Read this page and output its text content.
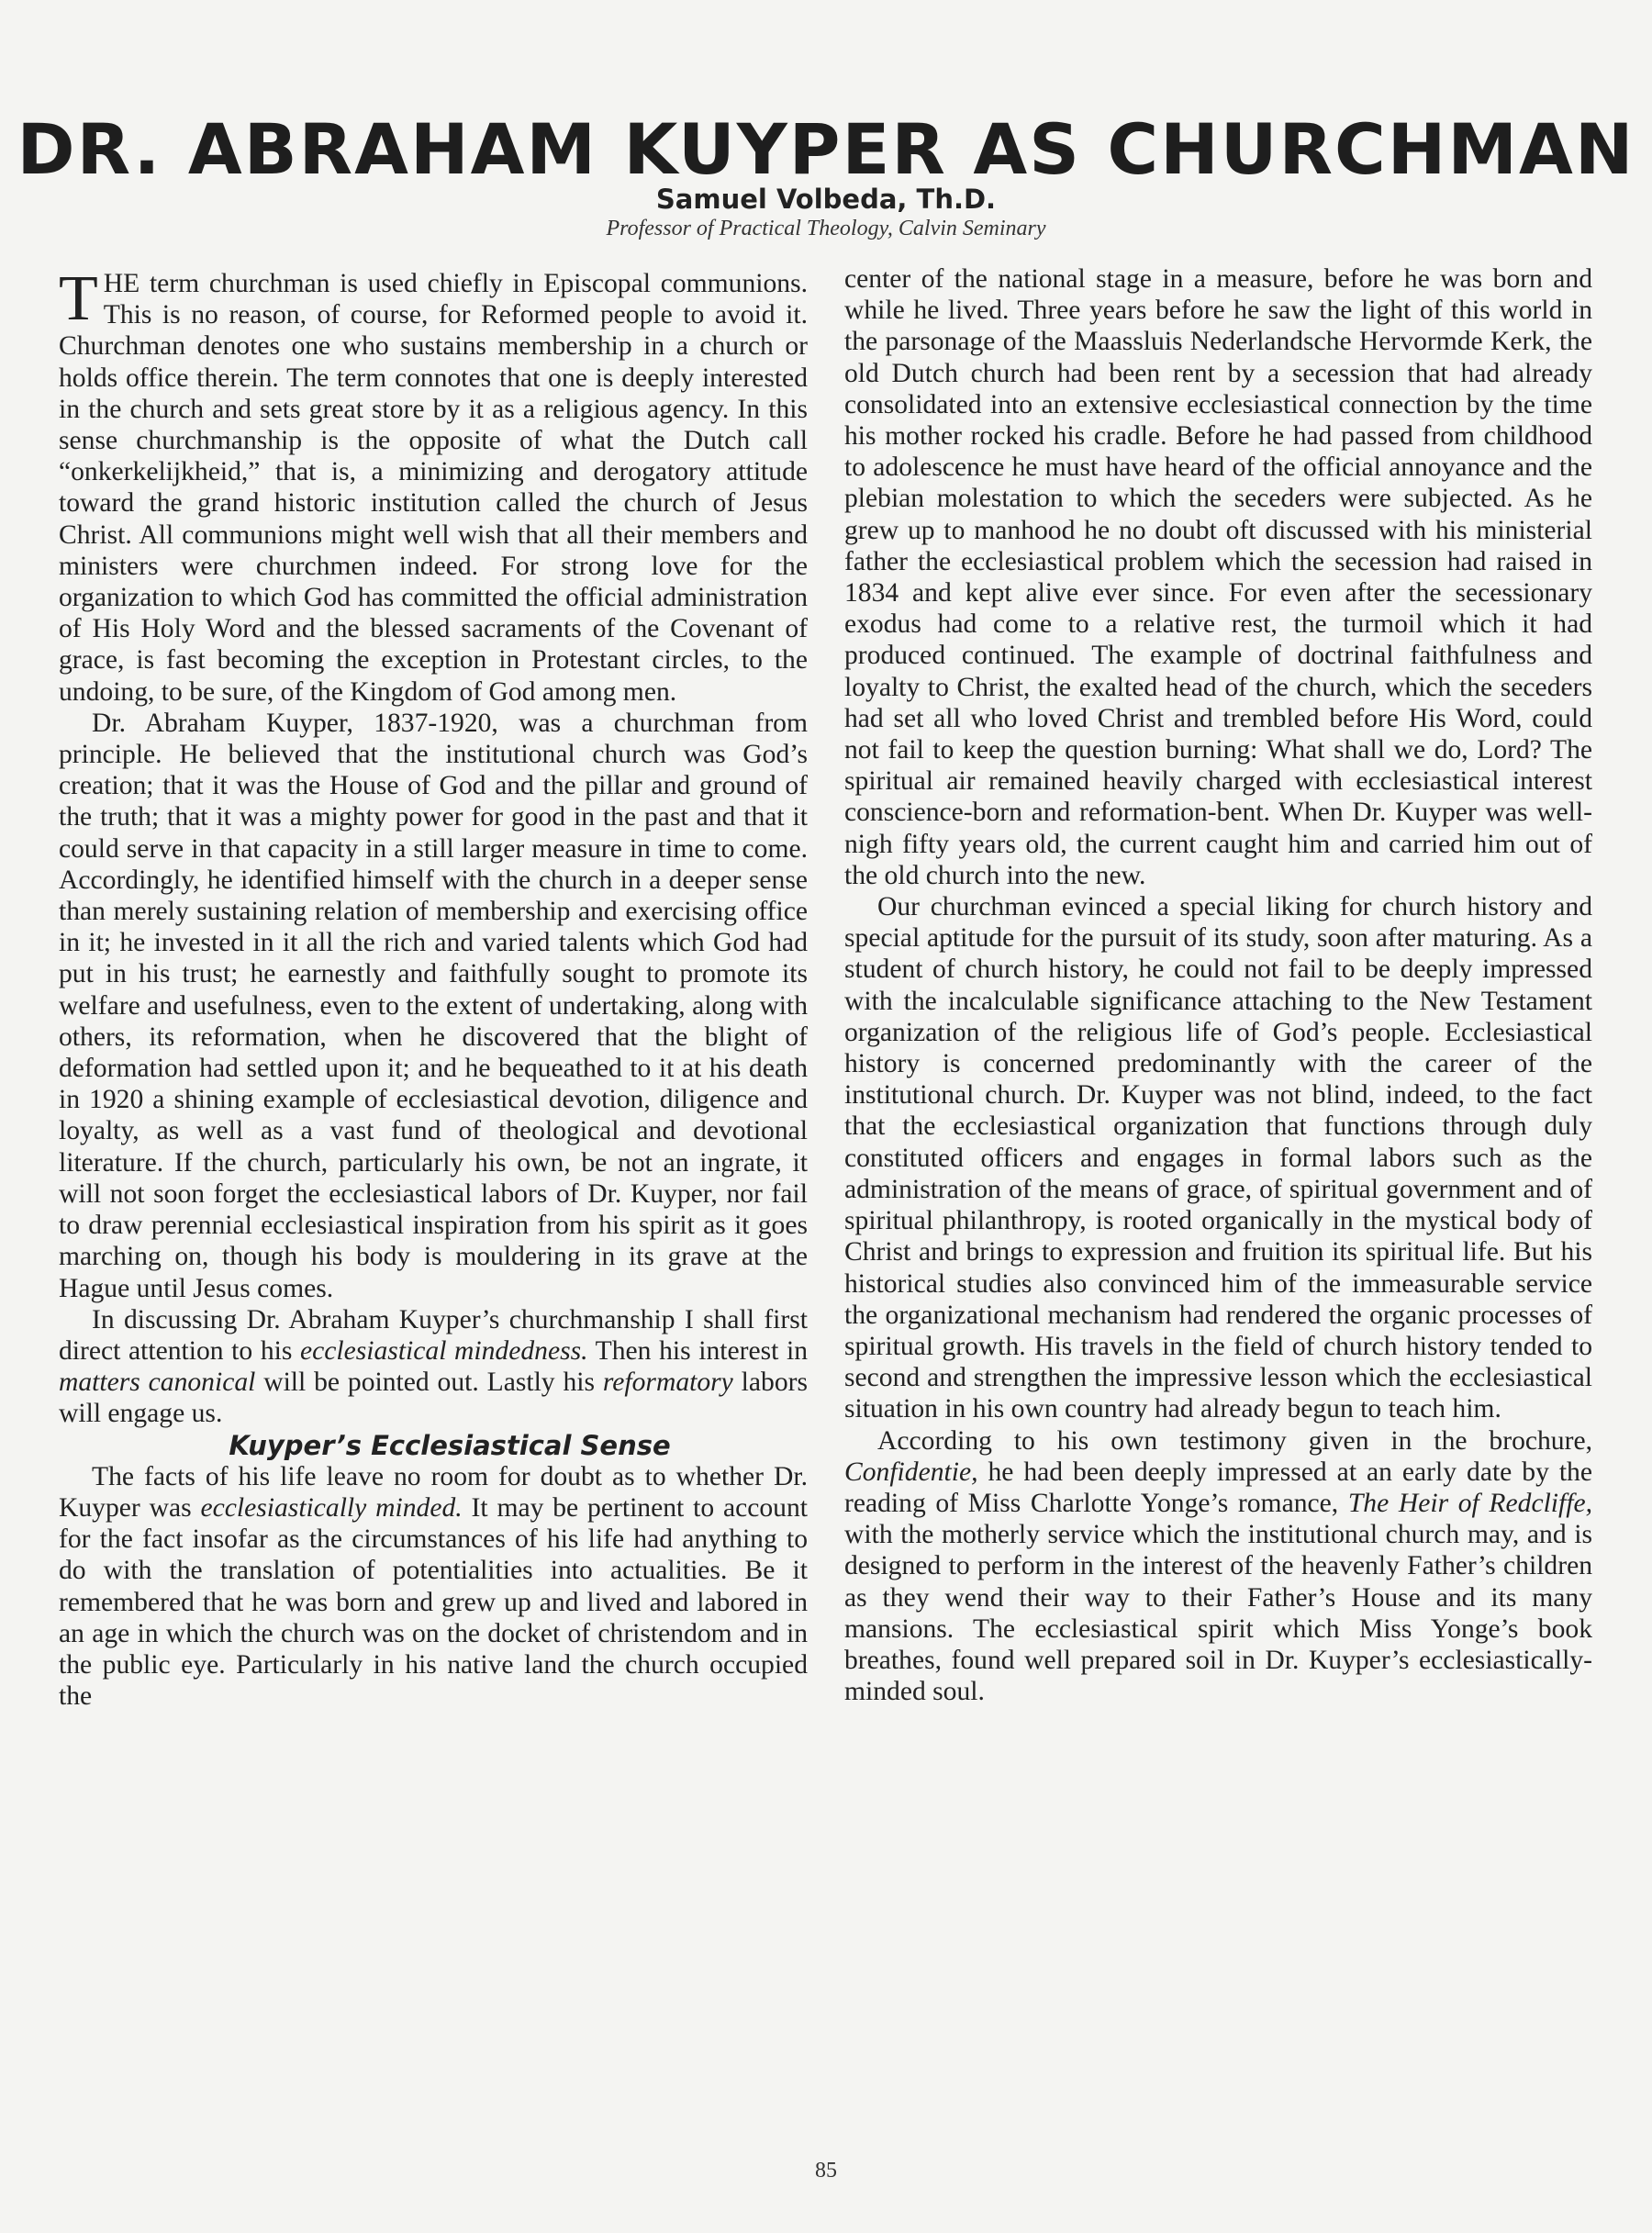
DR. ABRAHAM KUYPER AS CHURCHMAN
Samuel Volbeda, Th.D.
Professor of Practical Theology, Calvin Seminary

THE term churchman is used chiefly in Episcopal communions. This is no reason, of course, for Reformed people to avoid it. Churchman denotes one who sustains membership in a church or holds office therein. The term connotes that one is deeply interested in the church and sets great store by it as a religious agency. In this sense churchmanship is the opposite of what the Dutch call “onkerkelijkheid,” that is, a minimizing and derogatory attitude toward the grand historic institution called the church of Jesus Christ. All communions might well wish that all their members and ministers were churchmen indeed. For strong love for the organization to which God has committed the official administration of His Holy Word and the blessed sacraments of the Covenant of grace, is fast becoming the exception in Protestant circles, to the undoing, to be sure, of the Kingdom of God among men.

Dr. Abraham Kuyper, 1837-1920, was a churchman from principle. He believed that the institutional church was God’s creation; that it was the House of God and the pillar and ground of the truth; that it was a mighty power for good in the past and that it could serve in that capacity in a still larger measure in time to come. Accordingly, he identified himself with the church in a deeper sense than merely sustaining relation of membership and exercising office in it; he invested in it all the rich and varied talents which God had put in his trust; he earnestly and faithfully sought to promote its welfare and usefulness, even to the extent of undertaking, along with others, its reformation, when he discovered that the blight of deformation had settled upon it; and he bequeathed to it at his death in 1920 a shining example of ecclesiastical devotion, diligence and loyalty, as well as a vast fund of theological and devotional literature. If the church, particularly his own, be not an ingrate, it will not soon forget the ecclesiastical labors of Dr. Kuyper, nor fail to draw perennial ecclesiastical inspiration from his spirit as it goes marching on, though his body is mouldering in its grave at the Hague until Jesus comes.

In discussing Dr. Abraham Kuyper’s churchmanship I shall first direct attention to his ecclesiastical mindedness. Then his interest in matters canonical will be pointed out. Lastly his reformatory labors will engage us.

Kuyper’s Ecclesiastical Sense

The facts of his life leave no room for doubt as to whether Dr. Kuyper was ecclesiastically minded. It may be pertinent to account for the fact insofar as the circumstances of his life had anything to do with the translation of potentialities into actualities. Be it remembered that he was born and grew up and lived and labored in an age in which the church was on the docket of christendom and in the public eye. Particularly in his native land the church occupied the

center of the national stage in a measure, before he was born and while he lived. Three years before he saw the light of this world in the parsonage of the Maassluis Nederlandsche Hervormde Kerk, the old Dutch church had been rent by a secession that had already consolidated into an extensive ecclesiastical connection by the time his mother rocked his cradle. Before he had passed from childhood to adolescence he must have heard of the official annoyance and the plebian molestation to which the seceders were subjected. As he grew up to manhood he no doubt oft discussed with his ministerial father the ecclesiastical problem which the secession had raised in 1834 and kept alive ever since. For even after the secessionary exodus had come to a relative rest, the turmoil which it had produced continued. The example of doctrinal faithfulness and loyalty to Christ, the exalted head of the church, which the seceders had set all who loved Christ and trembled before His Word, could not fail to keep the question burning: What shall we do, Lord? The spiritual air remained heavily charged with ecclesiastical interest conscience-born and reformation-bent. When Dr. Kuyper was wellnigh fifty years old, the current caught him and carried him out of the old church into the new.

Our churchman evinced a special liking for church history and special aptitude for the pursuit of its study, soon after maturing. As a student of church history, he could not fail to be deeply impressed with the incalculable significance attaching to the New Testament organization of the religious life of God’s people. Ecclesiastical history is concerned predominantly with the career of the institutional church. Dr. Kuyper was not blind, indeed, to the fact that the ecclesiastical organization that functions through duly constituted officers and engages in formal labors such as the administration of the means of grace, of spiritual government and of spiritual philanthropy, is rooted organically in the mystical body of Christ and brings to expression and fruition its spiritual life. But his historical studies also convinced him of the immeasurable service the organizational mechanism had rendered the organic processes of spiritual growth. His travels in the field of church history tended to second and strengthen the impressive lesson which the ecclesiastical situation in his own country had already begun to teach him.

According to his own testimony given in the brochure, Confidentie, he had been deeply impressed at an early date by the reading of Miss Charlotte Yonge’s romance, The Heir of Redcliffe, with the motherly service which the institutional church may, and is designed to perform in the interest of the heavenly Father’s children as they wend their way to their Father’s House and its many mansions. The ecclesiastical spirit which Miss Yonge’s book breathes, found well prepared soil in Dr. Kuyper’s ecclesiastically-minded soul.

85
